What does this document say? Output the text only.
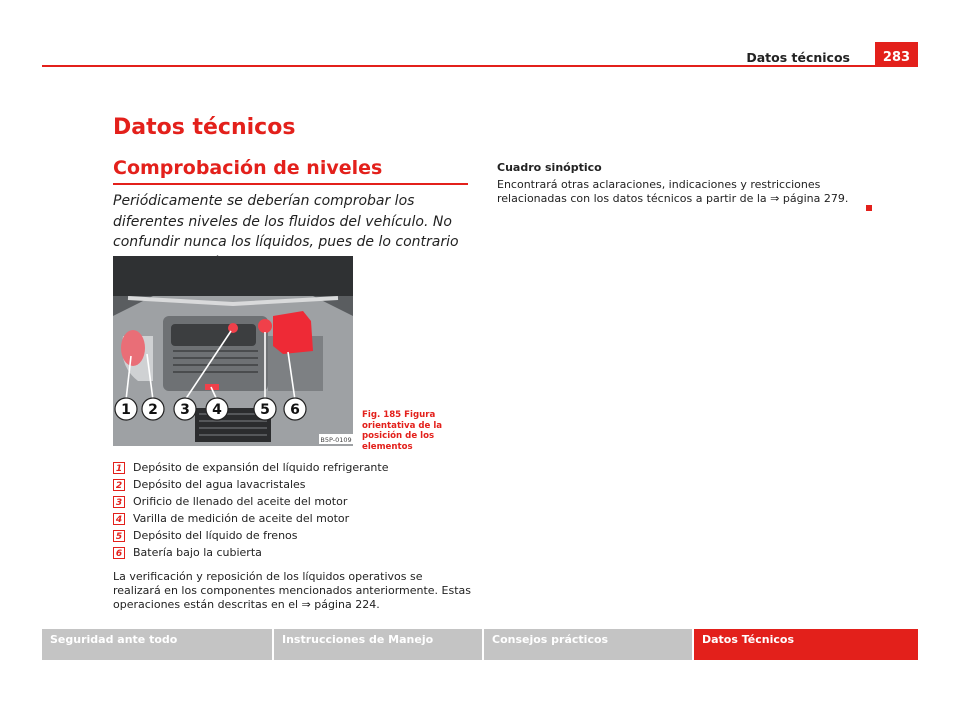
Datos técnicos	283
Datos técnicos
Comprobación de niveles
Periódicamente se deberían comprobar los diferentes niveles de los fluidos del vehículo. No confundir nunca los líquidos, pues de lo contrario
1 2 3 4	5 6
B5P-0109
Fig. 185 Figura orientativa de la posición de los elementos
1 Depósito de expansión del líquido refrigerante
2 Depósito del agua lavacristales
3 Orificio de llenado del aceite del motor
4 Varilla de medición de aceite del motor
5 Depósito del líquido de frenos
6 Batería bajo la cubierta
La verificación y reposición de los líquidos operativos se realizará en los componentes mencionados anteriormente. Estas operaciones están descritas en el ⇒ página 224.
Cuadro sinóptico
Encontrará otras aclaraciones, indicaciones y restricciones relacionadas con los datos técnicos a partir de la ⇒ página 279.
Seguridad ante todo	Instrucciones de Manejo	Consejos prácticos	Datos Técnicos
